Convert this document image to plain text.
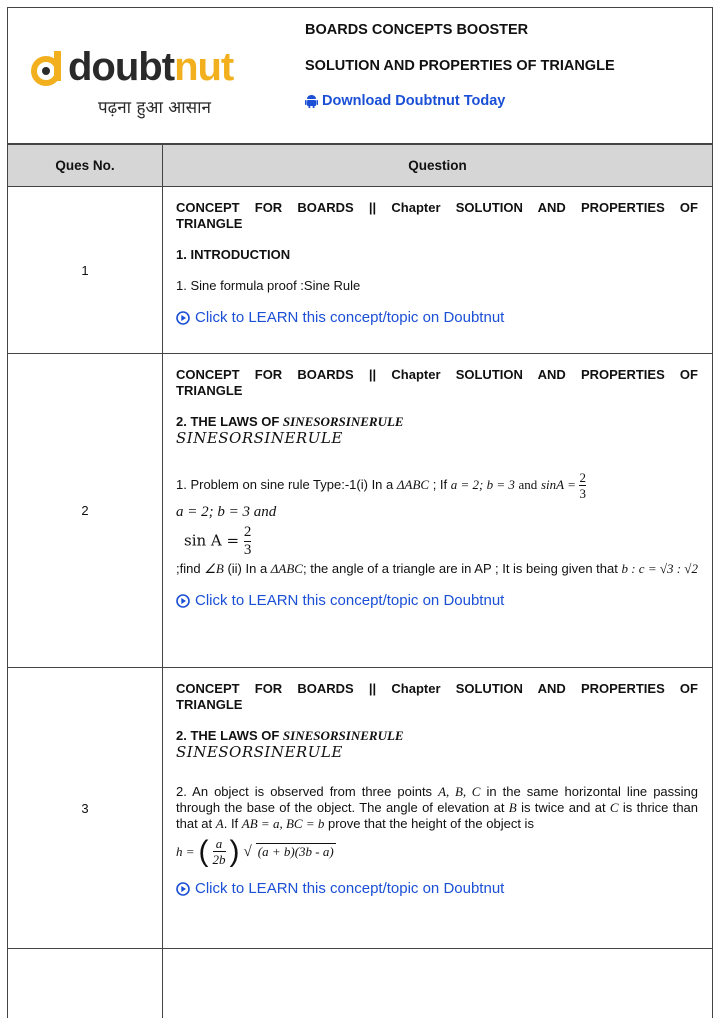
doubtnut
पढ़ना हुआ आसान
BOARDS CONCEPTS BOOSTER
SOLUTION AND PROPERTIES OF TRIANGLE
Download Doubtnut Today
Ques No.	Question
1
CONCEPT FOR BOARDS || Chapter SOLUTION AND PROPERTIES OF TRIANGLE
1. INTRODUCTION
1. Sine formula proof :Sine Rule
Click to LEARN this concept/topic on Doubtnut
2
CONCEPT FOR BOARDS || Chapter SOLUTION AND PROPERTIES OF TRIANGLE
2. THE LAWS OF SINESORSINERULE
SINESORSINERULE
1. Problem on sine rule Type:-1(i) In a ΔABC ; If a = 2; b = 3 and $\sin A = \frac{2}{3}$
a = 2; b = 3 and
$\sin A = \frac{2}{3}$
;find ∠B (ii) In a ΔABC; the angle of a triangle are in AP ; It is being given that b : c = √3 : √2
Click to LEARN this concept/topic on Doubtnut
3
CONCEPT FOR BOARDS || Chapter SOLUTION AND PROPERTIES OF TRIANGLE
2. THE LAWS OF SINESORSINERULE
SINESORSINERULE
2. An object is observed from three points A, B, C in the same horizontal line passing through the base of the object. The angle of elevation at B is twice and at C is thrice than that at A. If AB = a, BC = b prove that the height of the object is
h = ( $\frac{a}{2b}$ ) √ (a + b)(3b - a)
Click to LEARN this concept/topic on Doubtnut
